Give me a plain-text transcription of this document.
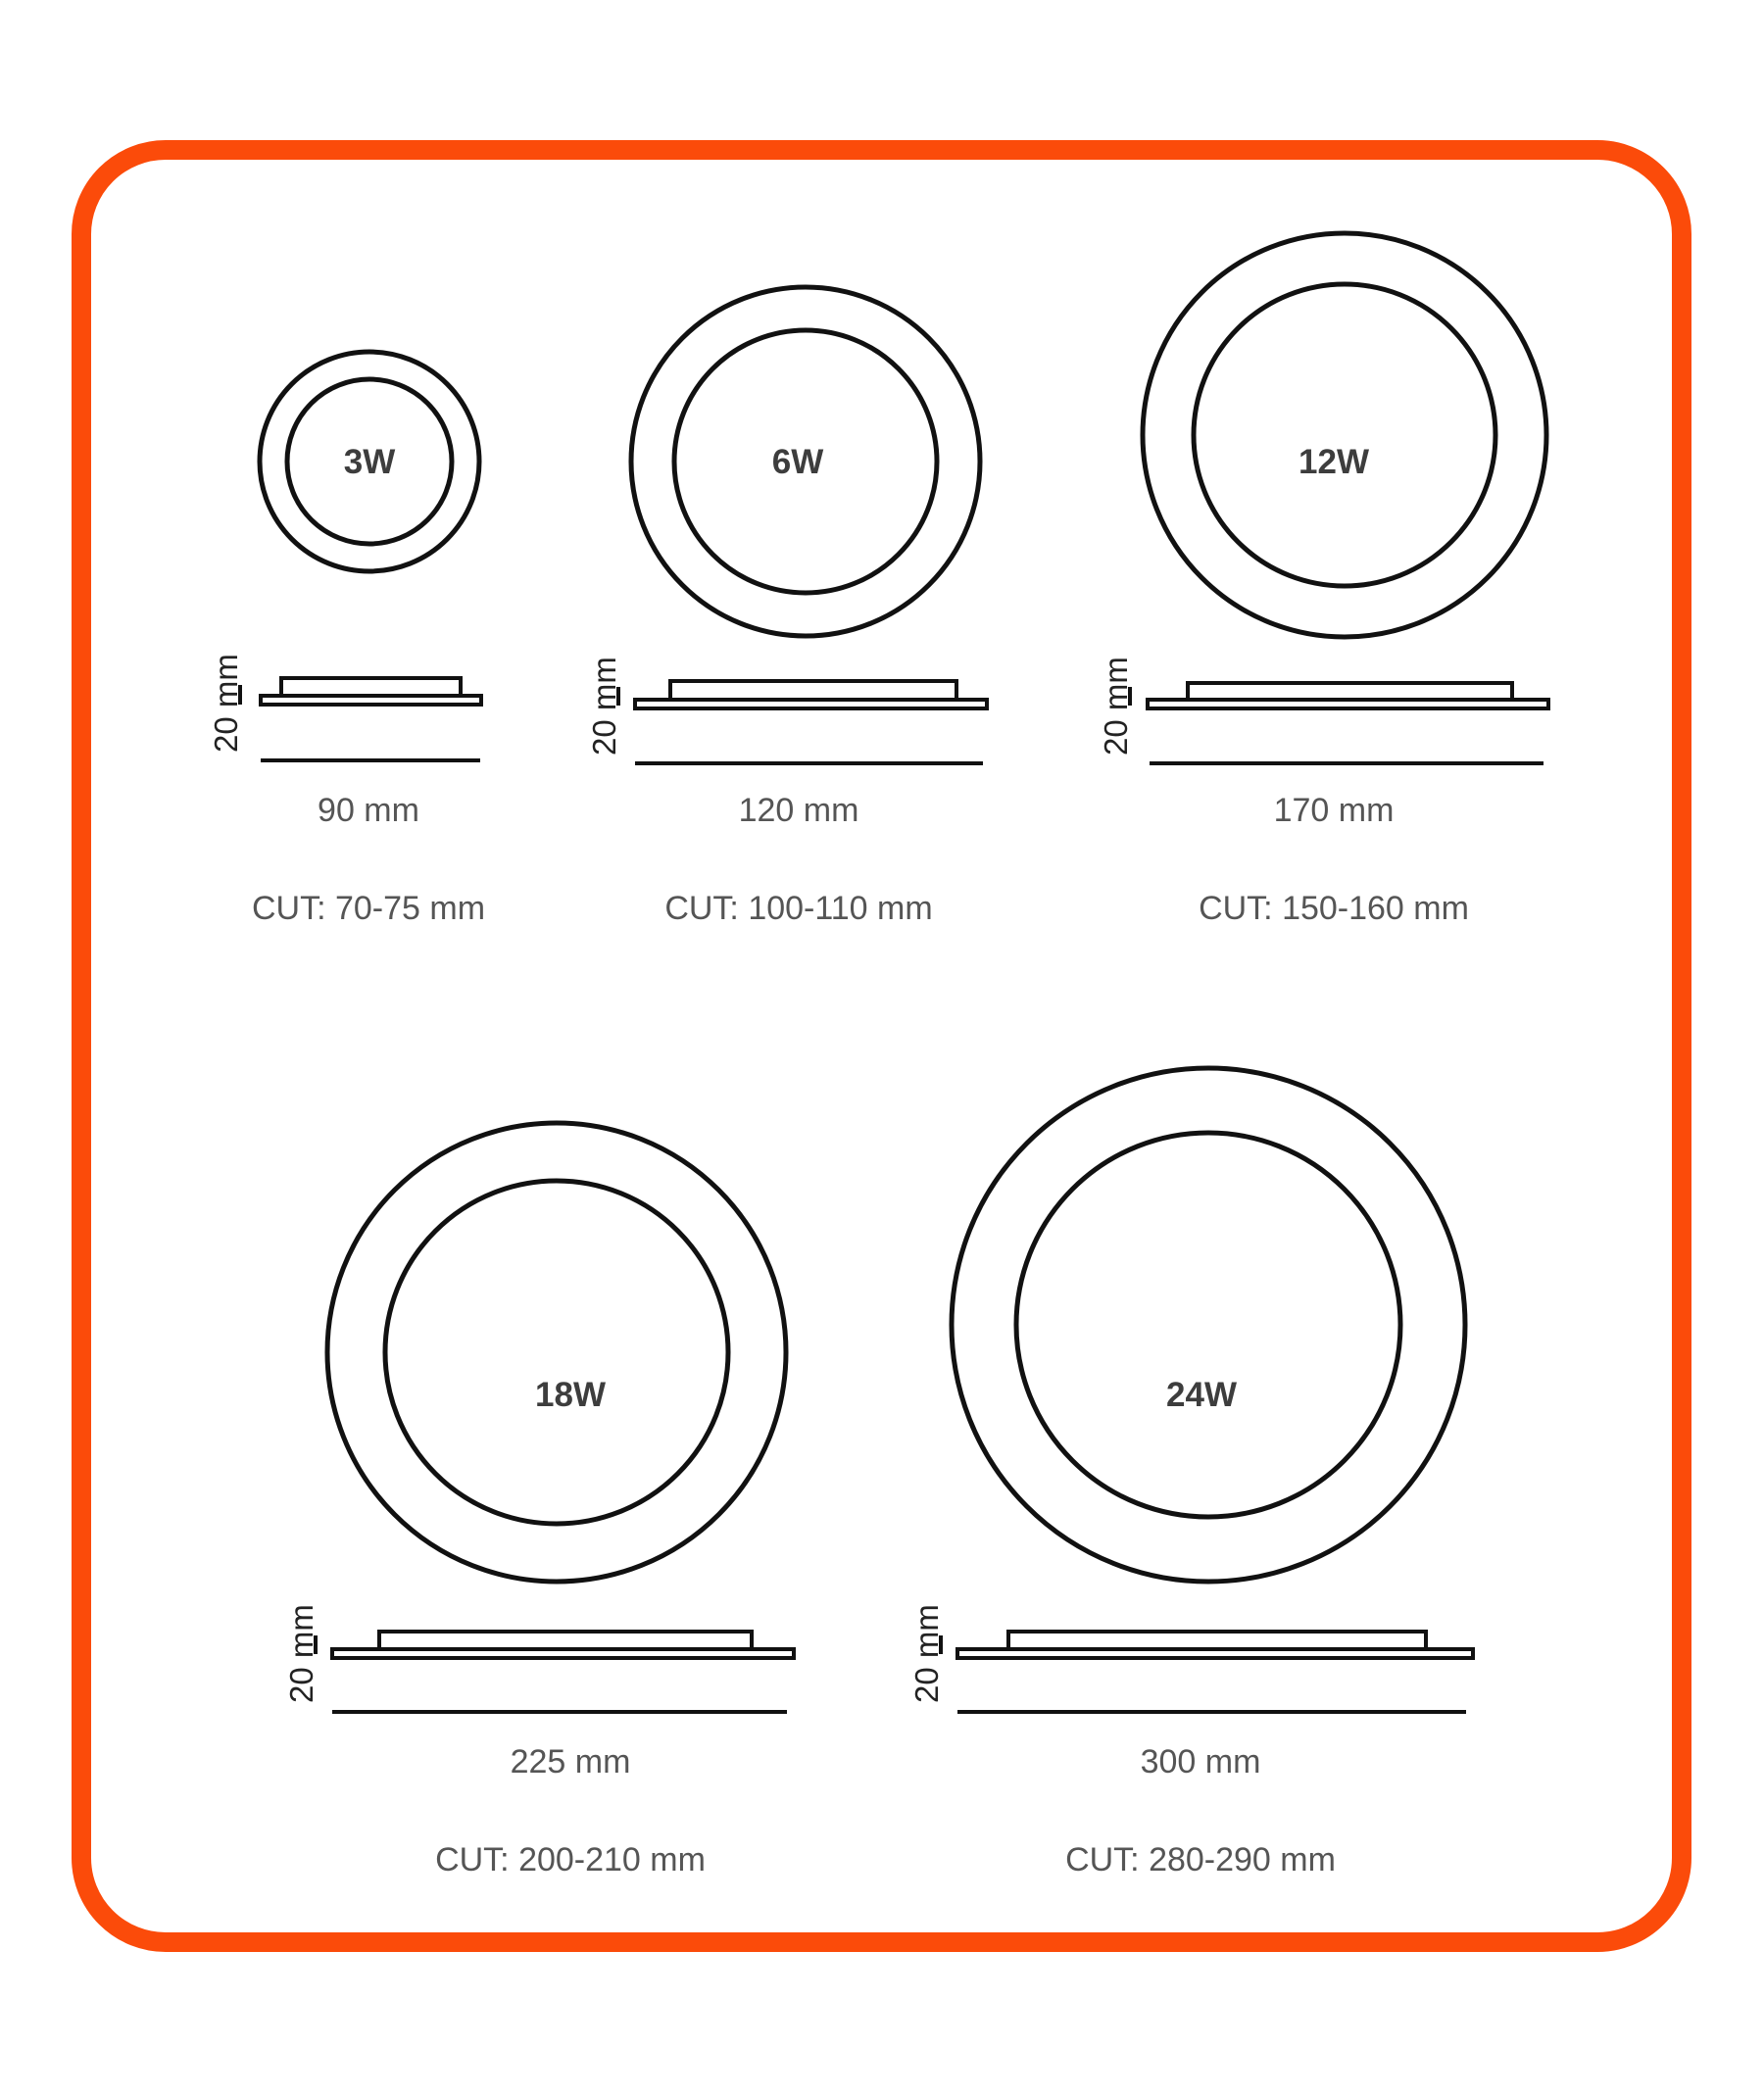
3W
20 mm
6W
20 mm
12W
20 mm
18W
20 mm
24W
20 mm
90 mm
CUT: 70-75 mm
120 mm
CUT: 100-110 mm
170 mm
CUT: 150-160 mm
225 mm
CUT: 200-210 mm
300 mm
CUT: 280-290 mm
